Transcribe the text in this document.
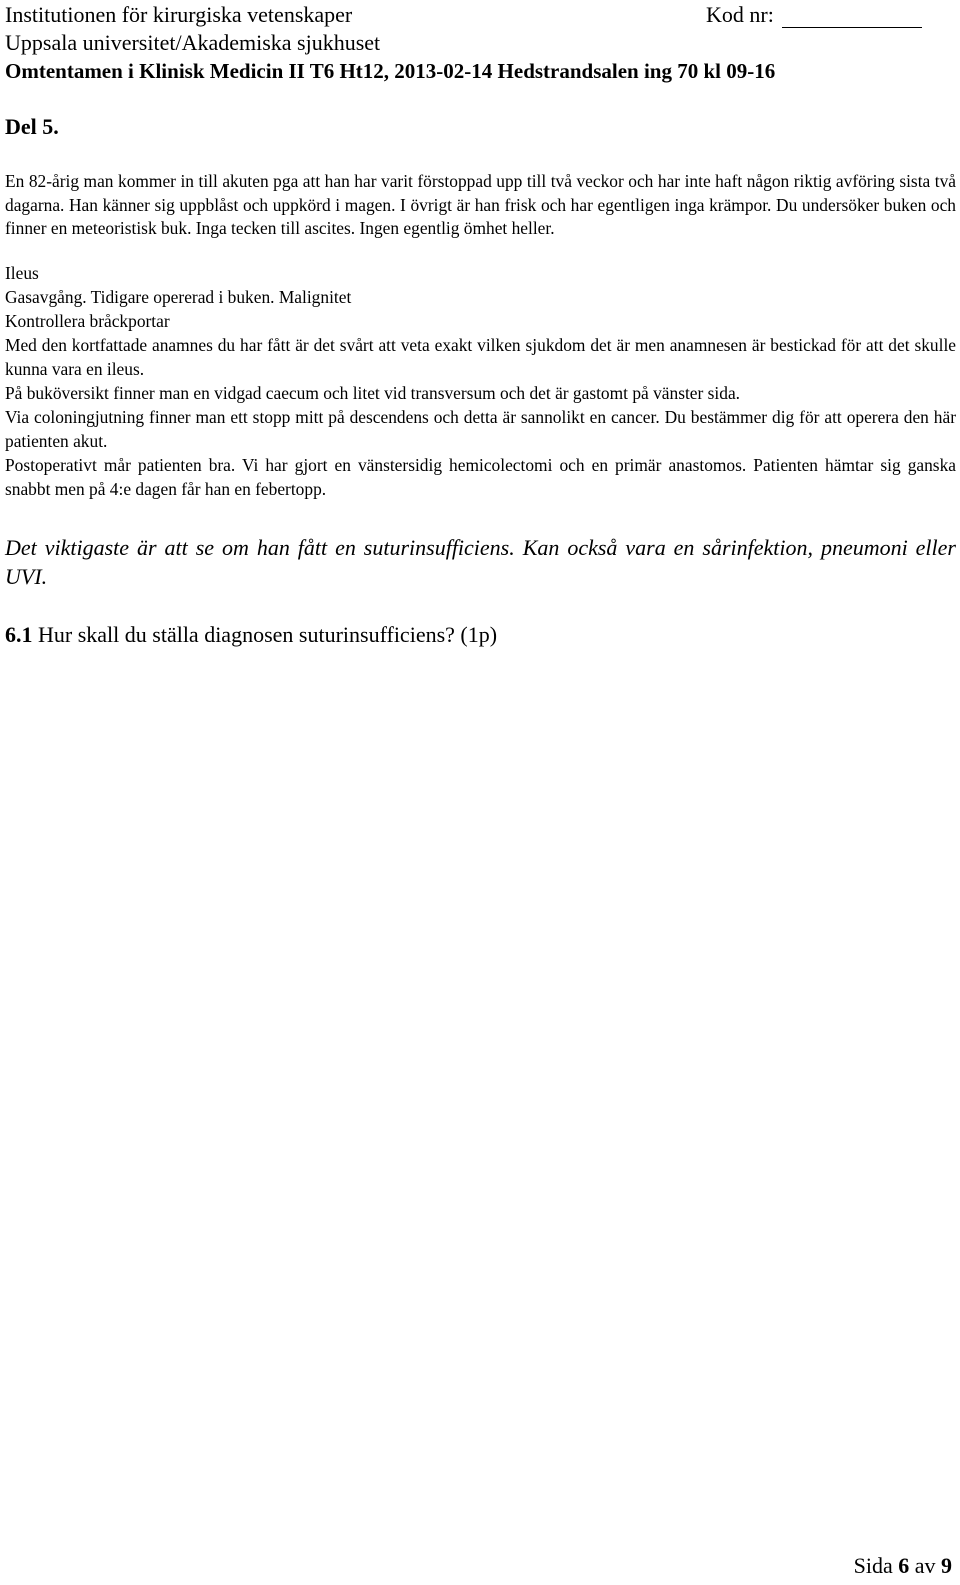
Institutionen för kirurgiska vetenskaper	Kod nr:
Uppsala universitet/Akademiska sjukhuset
Omtentamen i Klinisk Medicin II T6 Ht12, 2013-02-14 Hedstrandsalen ing 70 kl 09-16
Del 5.

En 82-årig man kommer in till akuten pga att han har varit förstoppad upp till två veckor och har inte haft någon riktig avföring sista två dagarna. Han känner sig uppblåst och uppkörd i magen. I övrigt är han frisk och har egentligen inga krämpor. Du undersöker buken och finner en meteoristisk buk. Inga tecken till ascites. Ingen egentlig ömhet heller.

Ileus

Gasavgång. Tidigare opererad i buken. Malignitet

Kontrollera bråckportar

Med den kortfattade anamnes du har fått är det svårt att veta exakt vilken sjukdom det är men anamnesen är bestickad för att det skulle kunna vara en ileus.

På buköversikt finner man en vidgad caecum och litet vid transversum och det är gastomt på vänster sida.

Via coloningjutning finner man ett stopp mitt på descendens och detta är sannolikt en cancer. Du bestämmer dig för att operera den här patienten akut.

Postoperativt mår patienten bra. Vi har gjort en vänstersidig hemicolectomi och en primär anastomos. Patienten hämtar sig ganska snabbt men på 4:e dagen får han en febertopp.

Det viktigaste är att se om han fått en suturinsufficiens. Kan också vara en sårinfektion, pneumoni eller UVI.
6.1 Hur skall du ställa diagnosen suturinsufficiens? (1p)
Sida 6 av 9
